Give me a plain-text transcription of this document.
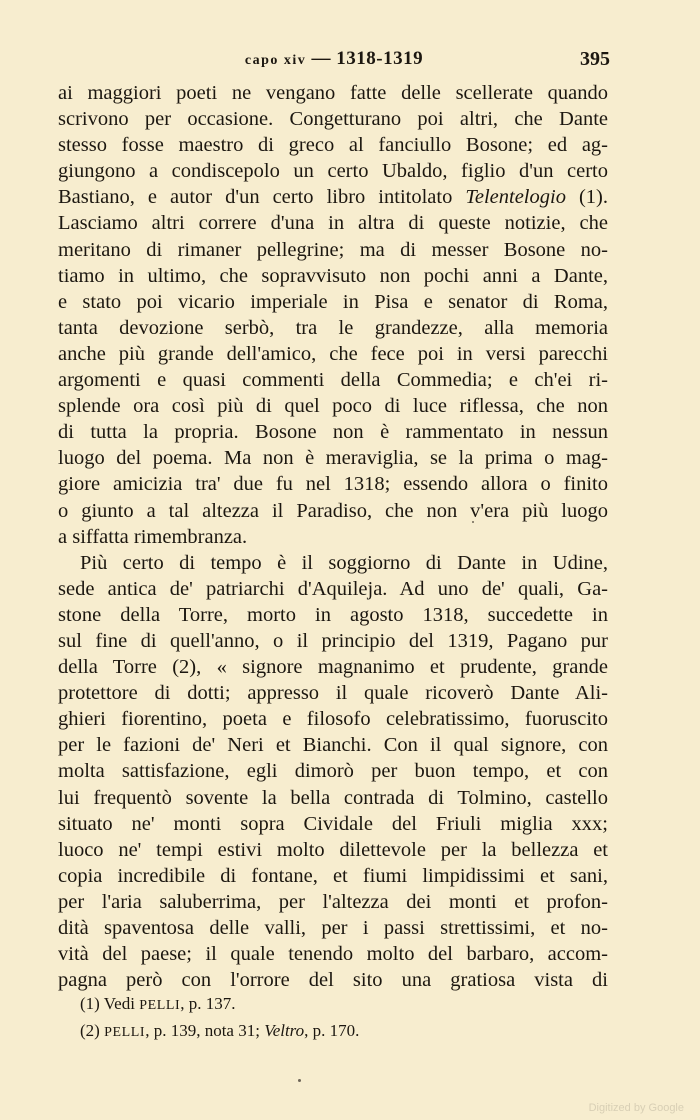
capo xiv — 1318-1319	395
ai maggiori poeti ne vengano fatte delle scellerate quando
scrivono per occasione. Congetturano poi altri, che Dante
stesso fosse maestro di greco al fanciullo Bosone; ed ag-
giungono a condiscepolo un certo Ubaldo, figlio d'un certo
Bastiano, e autor d'un certo libro intitolato Telentelogio (1).
Lasciamo altri correre d'una in altra di queste notizie, che
meritano di rimaner pellegrine; ma di messer Bosone no-
tiamo in ultimo, che sopravvisuto non pochi anni a Dante,
e stato poi vicario imperiale in Pisa e senator di Roma,
tanta devozione serbò, tra le grandezze, alla memoria
anche più grande dell'amico, che fece poi in versi parecchi
argomenti e quasi commenti della Commedia; e ch'ei ri-
splende ora così più di quel poco di luce riflessa, che non
di tutta la propria. Bosone non è rammentato in nessun
luogo del poema. Ma non è meraviglia, se la prima o mag-
giore amicizia tra' due fu nel 1318; essendo allora o finito
o giunto a tal altezza il Paradiso, che non v'era più luogo
a siffatta rimembranza.
Più certo di tempo è il soggiorno di Dante in Udine,
sede antica de' patriarchi d'Aquileja. Ad uno de' quali, Ga-
stone della Torre, morto in agosto 1318, succedette in
sul fine di quell'anno, o il principio del 1319, Pagano pur
della Torre (2), « signore magnanimo et prudente, grande
protettore di dotti; appresso il quale ricoverò Dante Ali-
ghieri fiorentino, poeta e filosofo celebratissimo, fuoruscito
per le fazioni de' Neri et Bianchi. Con il qual signore, con
molta sattisfazione, egli dimorò per buon tempo, et con
lui frequentò sovente la bella contrada di Tolmino, castello
situato ne' monti sopra Cividale del Friuli miglia xxx;
luoco ne' tempi estivi molto dilettevole per la bellezza et
copia incredibile di fontane, et fiumi limpidissimi et sani,
per l'aria saluberrima, per l'altezza dei monti et profon-
dità spaventosa delle valli, per i passi strettissimi, et no-
vità del paese; il quale tenendo molto del barbaro, accom-
pagna però con l'orrore del sito una gratiosa vista di
(1) Vedi PELLI, p. 137.
(2) PELLI, p. 139, nota 31; Veltro, p. 170.
Digitized by Google
